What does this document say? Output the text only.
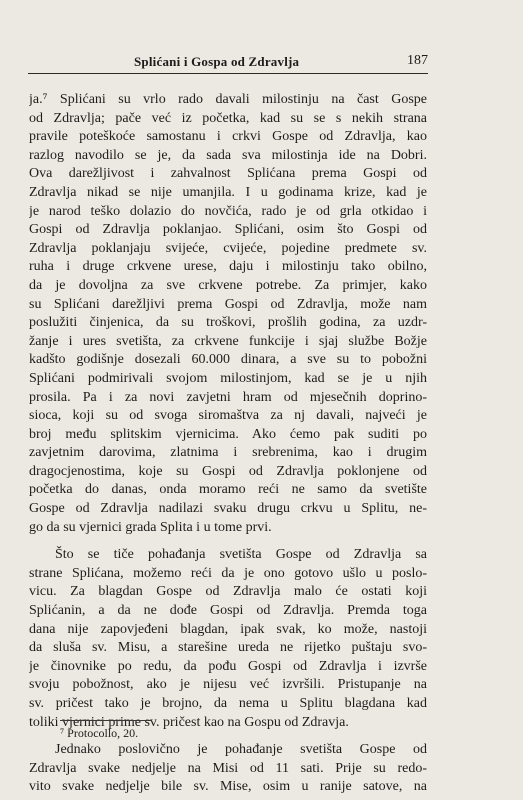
Splićani i Gospa od Zdravlja	187
ja.⁷ Splićani su vrlo rado davali milostinju na čast Gospe
od Zdravlja; pače već iz početka, kad su se s nekih strana
pravile poteškoće samostanu i crkvi Gospe od Zdravlja, kao
razlog navodilo se je, da sada sva milostinja ide na Dobri.
Ova darežljivost i zahvalnost Splićana prema Gospi od
Zdravlja nikad se nije umanjila. I u godinama krize, kad je
je narod teško dolazio do novčića, rado je od grla otkidao i
Gospi od Zdravlja poklanjao. Splićani, osim što Gospi od
Zdravlja poklanjaju svijeće, cvijeće, pojedine predmete sv.
ruha i druge crkvene urese, daju i milostinju tako obilno,
da je dovoljna za sve crkvene potrebe. Za primjer, kako
su Splićani darežljivi prema Gospi od Zdravlja, može nam
poslužiti činjenica, da su troškovi, prošlih godina, za uzdr-
žanje i ures svetišta, za crkvene funkcije i sjaj službe Božje
kadšto godišnje dosezali 60.000 dinara, a sve su to pobožni
Splićani podmirivali svojom milostinjom, kad se je u njih
prosila. Pa i za novi zavjetni hram od mjesečnih doprino-
sioca, koji su od svoga siromaštva za nj davali, najveći je
broj među splitskim vjernicima. Ako ćemo pak suditi po
zavjetnim darovima, zlatnima i srebrenima, kao i drugim
dragocjenostima, koje su Gospi od Zdravlja poklonjene od
početka do danas, onda moramo reći ne samo da svetište
Gospe od Zdravlja nadilazi svaku drugu crkvu u Splitu, ne-
go da su vjernici grada Splita i u tome prvi.
Što se tiče pohađanja svetišta Gospe od Zdravlja sa
strane Splićana, možemo reći da je ono gotovo ušlo u poslo-
vicu. Za blagdan Gospe od Zdravlja malo će ostati koji
Splićanin, a da ne dođe Gospi od Zdravlja. Premda toga
dana nije zapovjeđeni blagdan, ipak svak, ko može, nastoji
da sluša sv. Misu, a starešine ureda ne rijetko puštaju svo-
je činovnike po redu, da pođu Gospi od Zdravlja i izvrše
svoju pobožnost, ako je nijesu već izvršili. Pristupanje na
sv. pričest tako je brojno, da nema u Splitu blagdana kad
toliki vjernici prime sv. pričest kao na Gospu od Zdravja.
Jednako poslovično je pohađanje svetišta Gospe od
Zdravlja svake nedjelje na Misi od 11 sati. Prije su redo-
vito svake nedjelje bile sv. Mise, osim u ranije satove, na
⁷ Protocollo, 20.
